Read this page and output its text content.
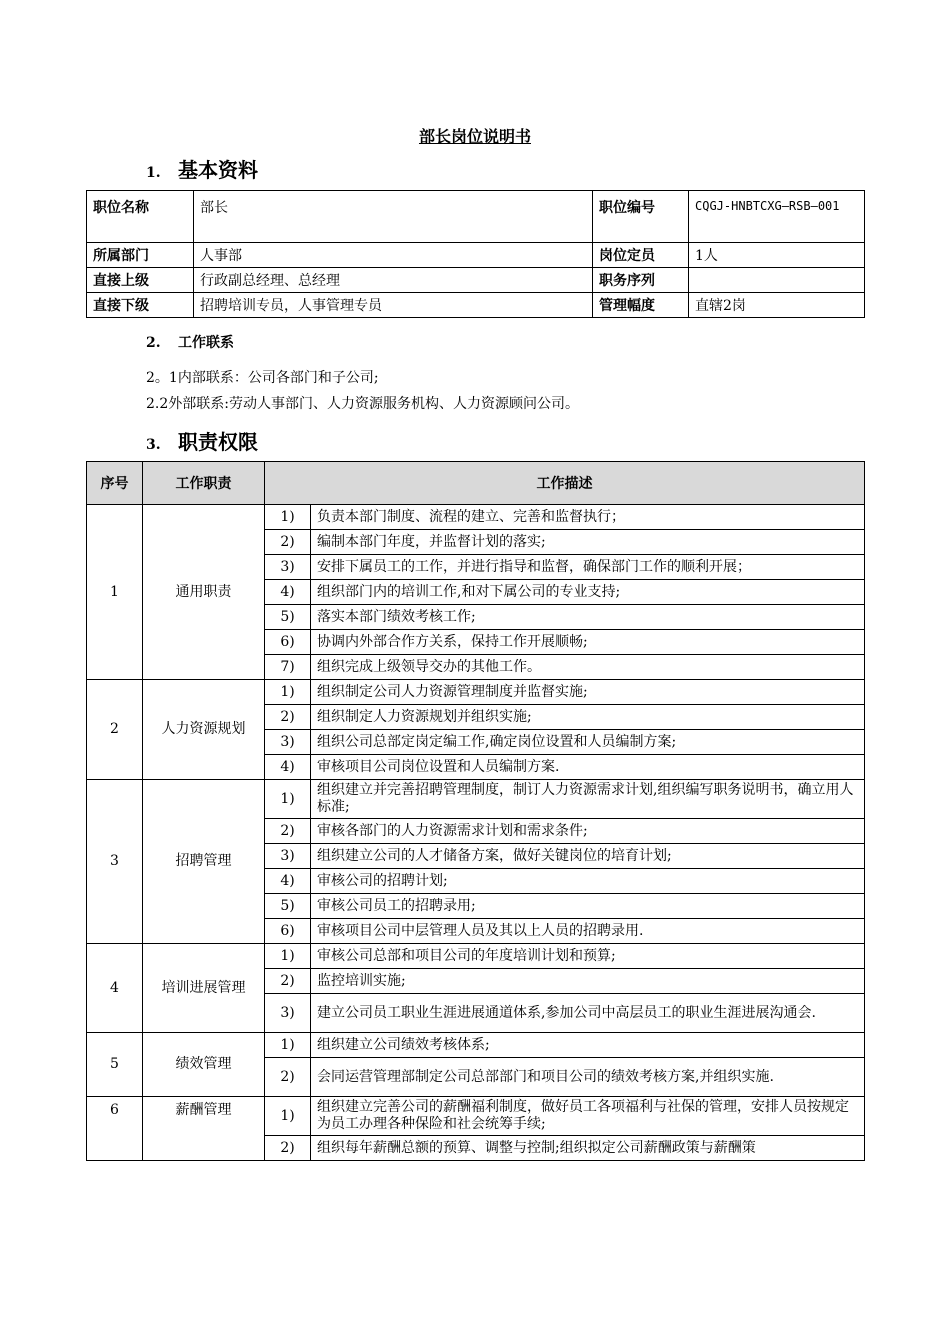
部长岗位说明书
1. 基本资料
职位名称	部长	职位编号	CQGJ-HNBTCXG—RSB—001
所属部门	人事部	岗位定员	1人
直接上级	行政副总经理、总经理	职务序列	
直接下级	招聘培训专员，人事管理专员	管理幅度	直辖2岗
2. 工作联系
2。1内部联系：公司各部门和子公司;
2.2外部联系:劳动人事部门、人力资源服务机构、人力资源顾问公司。
3. 职责权限
序号	工作职责	工作描述	
1	通用职责	1)	负责本部门制度、流程的建立、完善和监督执行；
		2)	编制本部门年度，并监督计划的落实;
		3)	安排下属员工的工作，并进行指导和监督，确保部门工作的顺利开展；
		4)	组织部门内的培训工作,和对下属公司的专业支持;
		5)	落实本部门绩效考核工作;
		6)	协调内外部合作方关系，保持工作开展顺畅;
		7)	组织完成上级领导交办的其他工作。
2	人力资源规划	1)	组织制定公司人力资源管理制度并监督实施;
		2)	组织制定人力资源规划并组织实施;
		3)	组织公司总部定岗定编工作,确定岗位设置和人员编制方案;
		4)	审核项目公司岗位设置和人员编制方案.
3	招聘管理	1)	组织建立并完善招聘管理制度，制订人力资源需求计划,组织编写职务说明书，确立用人标准;
		2)	审核各部门的人力资源需求计划和需求条件;
		3)	组织建立公司的人才储备方案，做好关键岗位的培育计划;
		4)	审核公司的招聘计划;
		5)	审核公司员工的招聘录用;
		6)	审核项目公司中层管理人员及其以上人员的招聘录用.
4	培训进展管理	1)	审核公司总部和项目公司的年度培训计划和预算;
		2)	监控培训实施;
		3)	建立公司员工职业生涯进展通道体系,参加公司中高层员工的职业生涯进展沟通会.
5	绩效管理	1)	组织建立公司绩效考核体系;
		2)	会同运营管理部制定公司总部部门和项目公司的绩效考核方案,并组织实施.
6	薪酬管理	1)	组织建立完善公司的薪酬福利制度，做好员工各项福利与社保的管理，安排人员按规定为员工办理各种保险和社会统筹手续;
		2)	组织每年薪酬总额的预算、调整与控制;组织拟定公司薪酬政策与薪酬策
